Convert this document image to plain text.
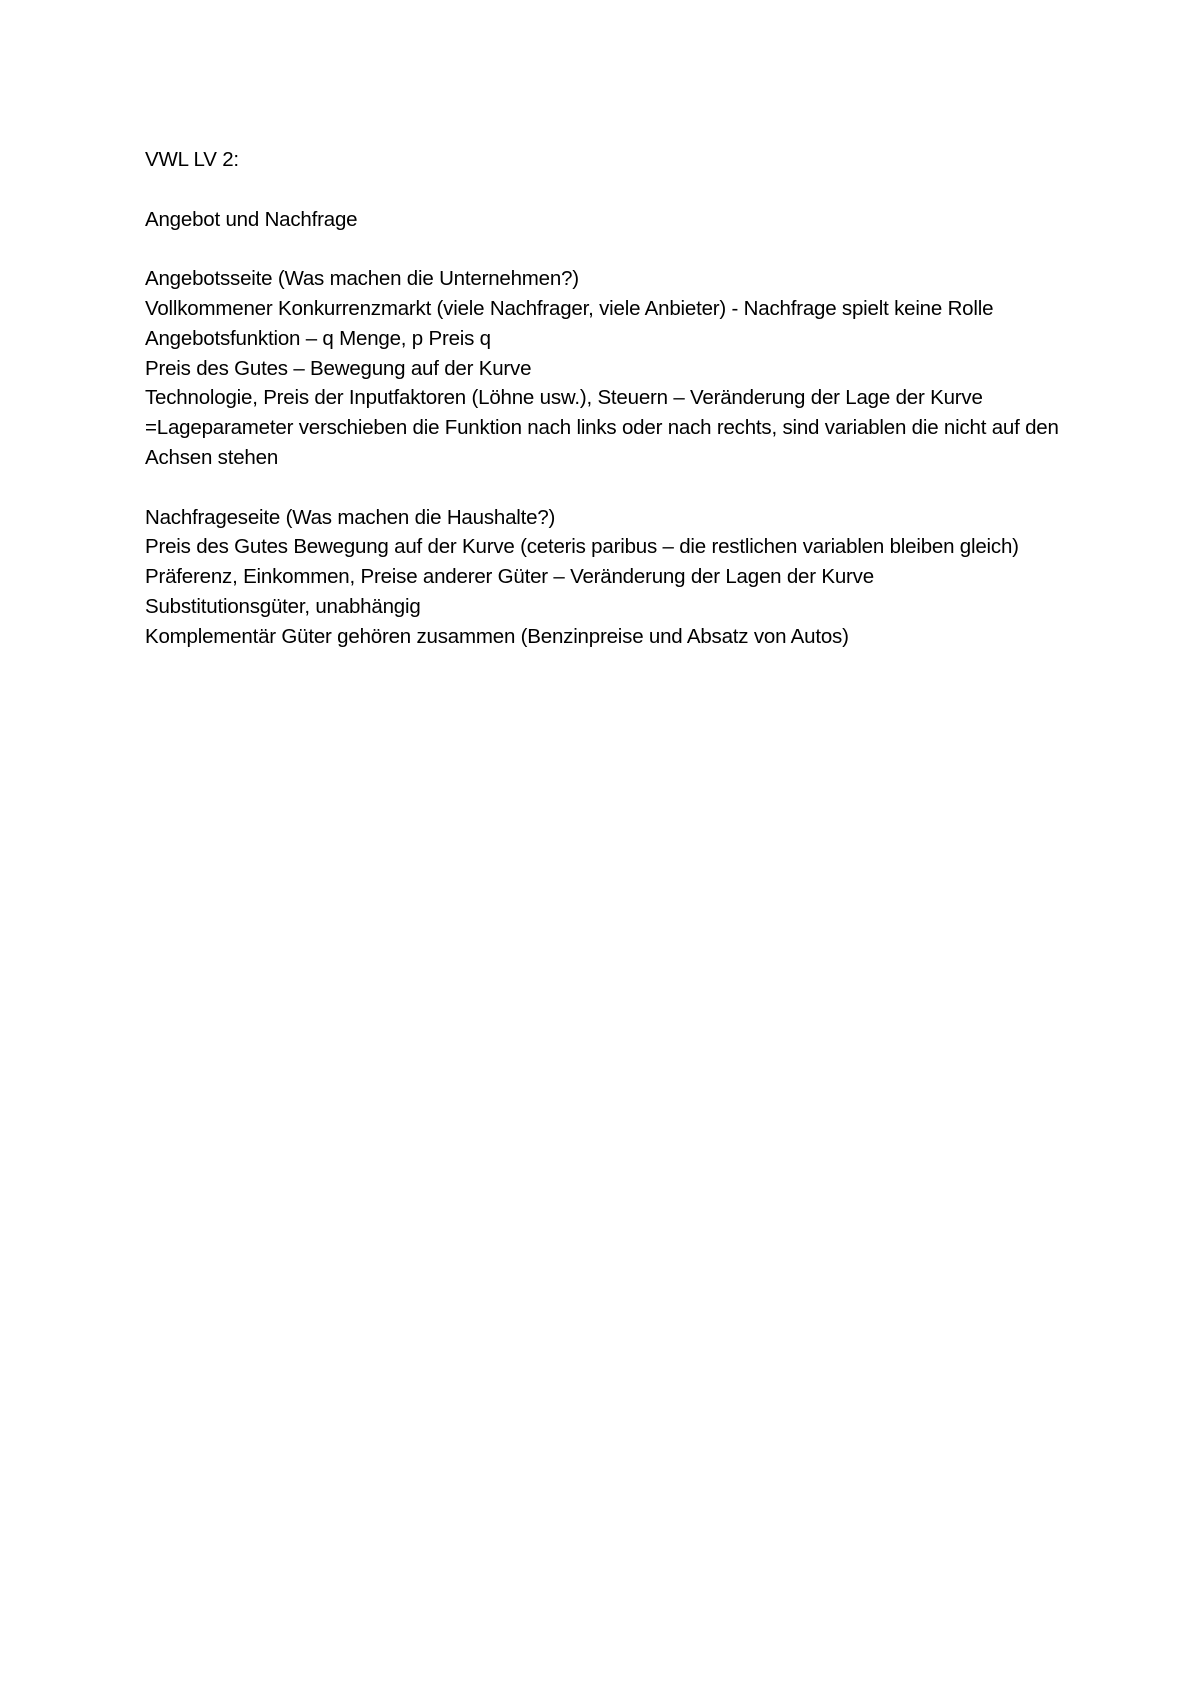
VWL LV 2:
Angebot und Nachfrage
Angebotsseite (Was machen die Unternehmen?)
Vollkommener Konkurrenzmarkt (viele Nachfrager, viele Anbieter) - Nachfrage spielt keine Rolle
Angebotsfunktion – q Menge, p Preis q
Preis des Gutes – Bewegung auf der Kurve
Technologie, Preis der Inputfaktoren (Löhne usw.), Steuern – Veränderung der Lage der Kurve
=Lageparameter verschieben die Funktion nach links oder nach rechts, sind variablen die nicht auf den Achsen stehen
Nachfrageseite (Was machen die Haushalte?)
Preis des Gutes Bewegung auf der Kurve (ceteris paribus – die restlichen variablen bleiben gleich)
Präferenz, Einkommen, Preise anderer Güter – Veränderung der Lagen der Kurve
Substitutionsgüter, unabhängig
Komplementär Güter gehören zusammen (Benzinpreise und Absatz von Autos)
